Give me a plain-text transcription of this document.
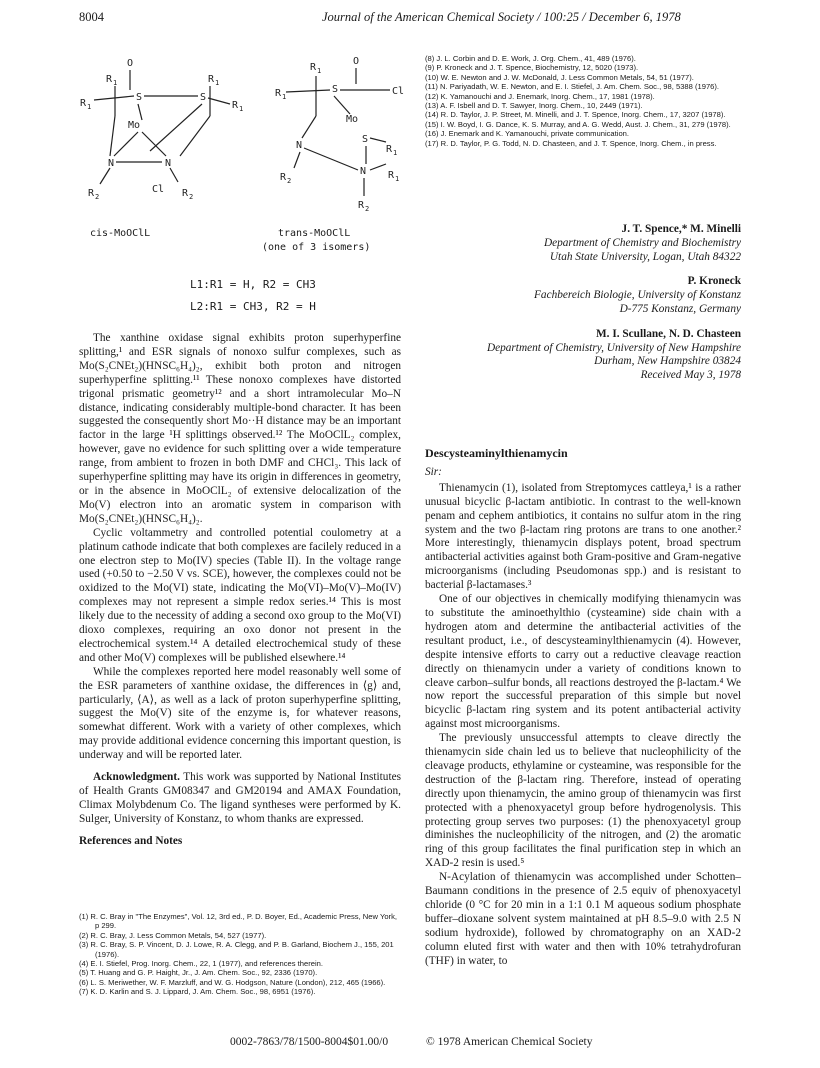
8004	Journal of the American Chemical Society / 100:25 / December 6, 1978
O
R 1	R 1
R 1	R 1
S	S
Mo
N	N
Cl
R 2	R 2
O
R 1
R 1
S	Cl
Mo
N
S
R 1
N R 1
R 2
R 2
cis-MoOClL	trans-MoOClL
(one of 3 isomers)
L1:R1 = H, R2 = CH3
L2:R1 = CH3, R2 = H

The xanthine oxidase signal exhibits proton superhyperfine splitting,¹ and ESR signals of nonoxo sulfur complexes, such as Mo(S₂CNEt₂)(HNSC₆H₄)₂, exhibit both proton and nitrogen superhyperfine splitting.¹¹ These nonoxo complexes have distorted trigonal prismatic geometry¹² and a short intramolecular Mo–N distance, indicating considerably multiple-bond character. It has been suggested the consequently short Mo··H distance may be an important factor in the large ¹H splittings observed.¹² The MoOClL₂ complex, however, gave no evidence for such splitting over a wide temperature range, from ambient to frozen in both DMF and CHCl₃. This lack of superhyperfine splitting may have its origin in differences in geometry, or in the absence in MoOClL₂ of extensive delocalization of the Mo(V) electron into an aromatic system in comparison with Mo(S₂CNEt₂)(HNSC₆H₄)₂.

Cyclic voltammetry and controlled potential coulometry at a platinum cathode indicate that both complexes are facilely reduced in a one electron step to Mo(IV) species (Table II). In the voltage range used (+0.50 to −2.50 V vs. SCE), however, the complexes could not be oxidized to the Mo(VI) state, indicating the Mo(VI)–Mo(V)–Mo(IV) complexes may not represent a simple redox series.¹⁴ This is most likely due to the necessity of adding a second oxo group to the Mo(VI) dioxo complexes, requiring an oxo donor not present in the electrochemical system.¹⁴ A detailed electrochemical study of these and other Mo(V) complexes will be published elsewhere.¹⁴

While the complexes reported here model reasonably well some of the ESR parameters of xanthine oxidase, the differences in ⟨g⟩ and, particularly, ⟨A⟩, as well as a lack of proton superhyperfine splitting, suggest the Mo(V) site of the enzyme is, for whatever reasons, somewhat different. Work with a variety of other complexes, which may provide additional evidence concerning this important question, is underway and will be reported later.

Acknowledgment. This work was supported by National Institutes of Health Grants GM08347 and GM20194 and AMAX Foundation, Climax Molybdenum Co. The ligand syntheses were performed by K. Sulger, University of Konstanz, to whom thanks are expressed.

References and Notes

(1) R. C. Bray in "The Enzymes", Vol. 12, 3rd ed., P. D. Boyer, Ed., Academic Press, New York, p 299.
(2) R. C. Bray, J. Less Common Metals, 54, 527 (1977).
(3) R. C. Bray, S. P. Vincent, D. J. Lowe, R. A. Clegg, and P. B. Garland, Biochem J., 155, 201 (1976).
(4) E. I. Stiefel, Prog. Inorg. Chem., 22, 1 (1977), and references therein.
(5) T. Huang and G. P. Haight, Jr., J. Am. Chem. Soc., 92, 2336 (1970).
(6) L. S. Meriwether, W. F. Marzluff, and W. G. Hodgson, Nature (London), 212, 465 (1966).
(7) K. D. Karlin and S. J. Lippard, J. Am. Chem. Soc., 98, 6951 (1976).
(8) J. L. Corbin and D. E. Work, J. Org. Chem., 41, 489 (1976).
(9) P. Kroneck and J. T. Spence, Biochemistry, 12, 5020 (1973).
(10) W. E. Newton and J. W. McDonald, J. Less Common Metals, 54, 51 (1977).
(11) N. Pariyadath, W. E. Newton, and E. I. Stiefel, J. Am. Chem. Soc., 98, 5388 (1976).
(12) K. Yamanouchi and J. Enemark, Inorg. Chem., 17, 1981 (1978).
(13) A. F. Isbell and D. T. Sawyer, Inorg. Chem., 10, 2449 (1971).
(14) R. D. Taylor, J. P. Street, M. Minelli, and J. T. Spence, Inorg. Chem., 17, 3207 (1978).
(15) I. W. Boyd, I. G. Dance, K. S. Murray, and A. G. Wedd, Aust. J. Chem., 31, 279 (1978).
(16) J. Enemark and K. Yamanouchi, private communication.
(17) R. D. Taylor, P. G. Todd, N. D. Chasteen, and J. T. Spence, Inorg. Chem., in press.
J. T. Spence,* M. Minelli
Department of Chemistry and Biochemistry
Utah State University, Logan, Utah 84322
P. Kroneck
Fachbereich Biologie, University of Konstanz
D-775 Konstanz, Germany
M. I. Scullane, N. D. Chasteen
Department of Chemistry, University of New Hampshire
Durham, New Hampshire 03824
Received May 3, 1978

Descysteaminylthienamycin

Sir:

Thienamycin (1), isolated from Streptomyces cattleya,¹ is a rather unusual bicyclic β-lactam antibiotic. In contrast to the well-known penam and cephem antibiotics, it contains no sulfur atom in the ring system and the two β-lactam ring protons are trans to one another.² More interestingly, thienamycin displays potent, broad spectrum antibacterial activities against both Gram-positive and Gram-negative microorganisms (including Pseudomonas spp.) and is resistant to bacterial β-lactamases.³

One of our objectives in chemically modifying thienamycin was to substitute the aminoethylthio (cysteamine) side chain with a hydrogen atom and determine the antibacterial activities of the resultant product, i.e., of descysteaminylthienamycin (4). However, despite intensive efforts to carry out a reductive cleavage reaction directly on thienamycin under a variety of conditions known to cleave carbon–sulfur bonds, all reactions destroyed the β-lactam.⁴ We now report the successful preparation of this simple but novel bicyclic β-lactam ring system and its potent antibacterial activity against most microorganisms.

The previously unsuccessful attempts to cleave directly the thienamycin side chain led us to believe that nucleophilicity of the cleavage products, ethylamine or cysteamine, was responsible for the destruction of the β-lactam ring. Therefore, instead of operating directly upon thienamycin, the amino group of thienamycin was first protected with a phenoxyacetyl group before hydrogenolysis. This protecting group serves two purposes: (1) the phenoxyacetyl group diminishes the nucleophilicity of the nitrogen, and (2) the aromatic ring of this group facilitates the final purification step in which an XAD-2 resin is used.⁵

N-Acylation of thienamycin was accomplished under Schotten–Baumann conditions in the presence of 2.5 equiv of phenoxyacetyl chloride (0 °C for 20 min in a 1:1 0.1 M aqueous sodium phosphate buffer–dioxane solvent system maintained at pH 8.5–9.0 with 2.5 N sodium hydroxide), followed by chromatography on an XAD-2 column eluted first with water and then with 10% tetrahydrofuran (THF) in water, to

0002-7863/78/1500-8004$01.00/0	© 1978 American Chemical Society
